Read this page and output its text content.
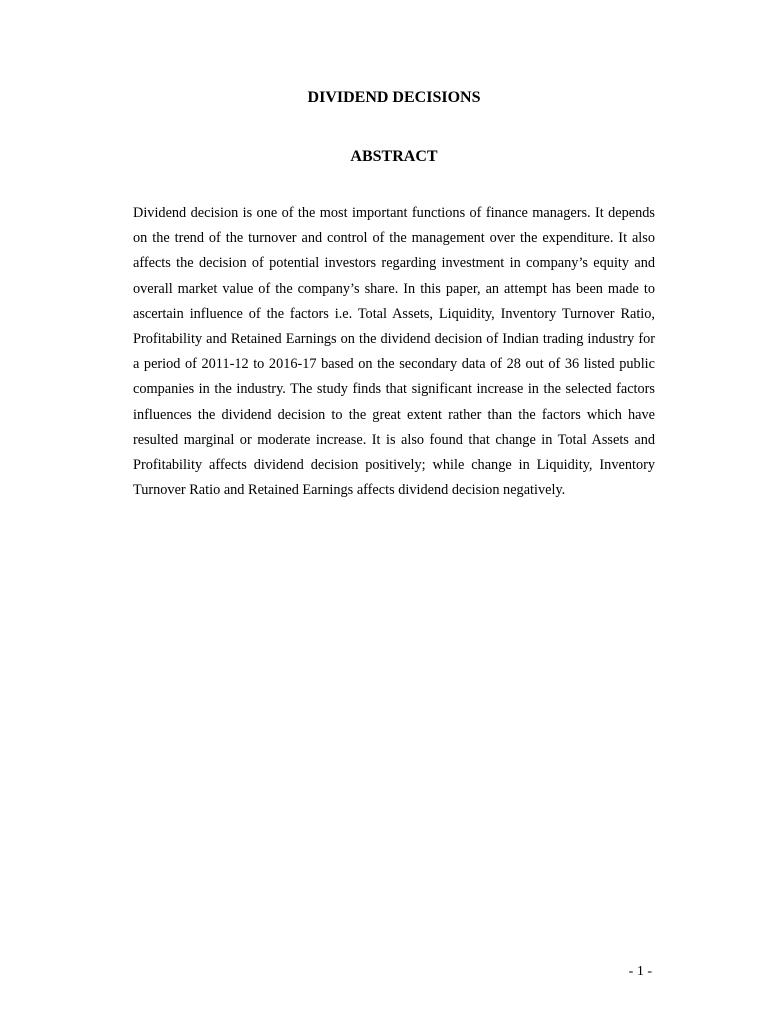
DIVIDEND DECISIONS
ABSTRACT

Dividend decision is one of the most important functions of finance managers. It depends on the trend of the turnover and control of the management over the expenditure. It also affects the decision of potential investors regarding investment in company’s equity and overall market value of the company’s share. In this paper, an attempt has been made to ascertain influence of the factors i.e. Total Assets, Liquidity, Inventory Turnover Ratio, Profitability and Retained Earnings on the dividend decision of Indian trading industry for a period of 2011-12 to 2016-17 based on the secondary data of 28 out of 36 listed public companies in the industry. The study finds that significant increase in the selected factors influences the dividend decision to the great extent rather than the factors which have resulted marginal or moderate increase. It is also found that change in Total Assets and Profitability affects dividend decision positively; while change in Liquidity, Inventory Turnover Ratio and Retained Earnings affects dividend decision negatively.

- 1 -
